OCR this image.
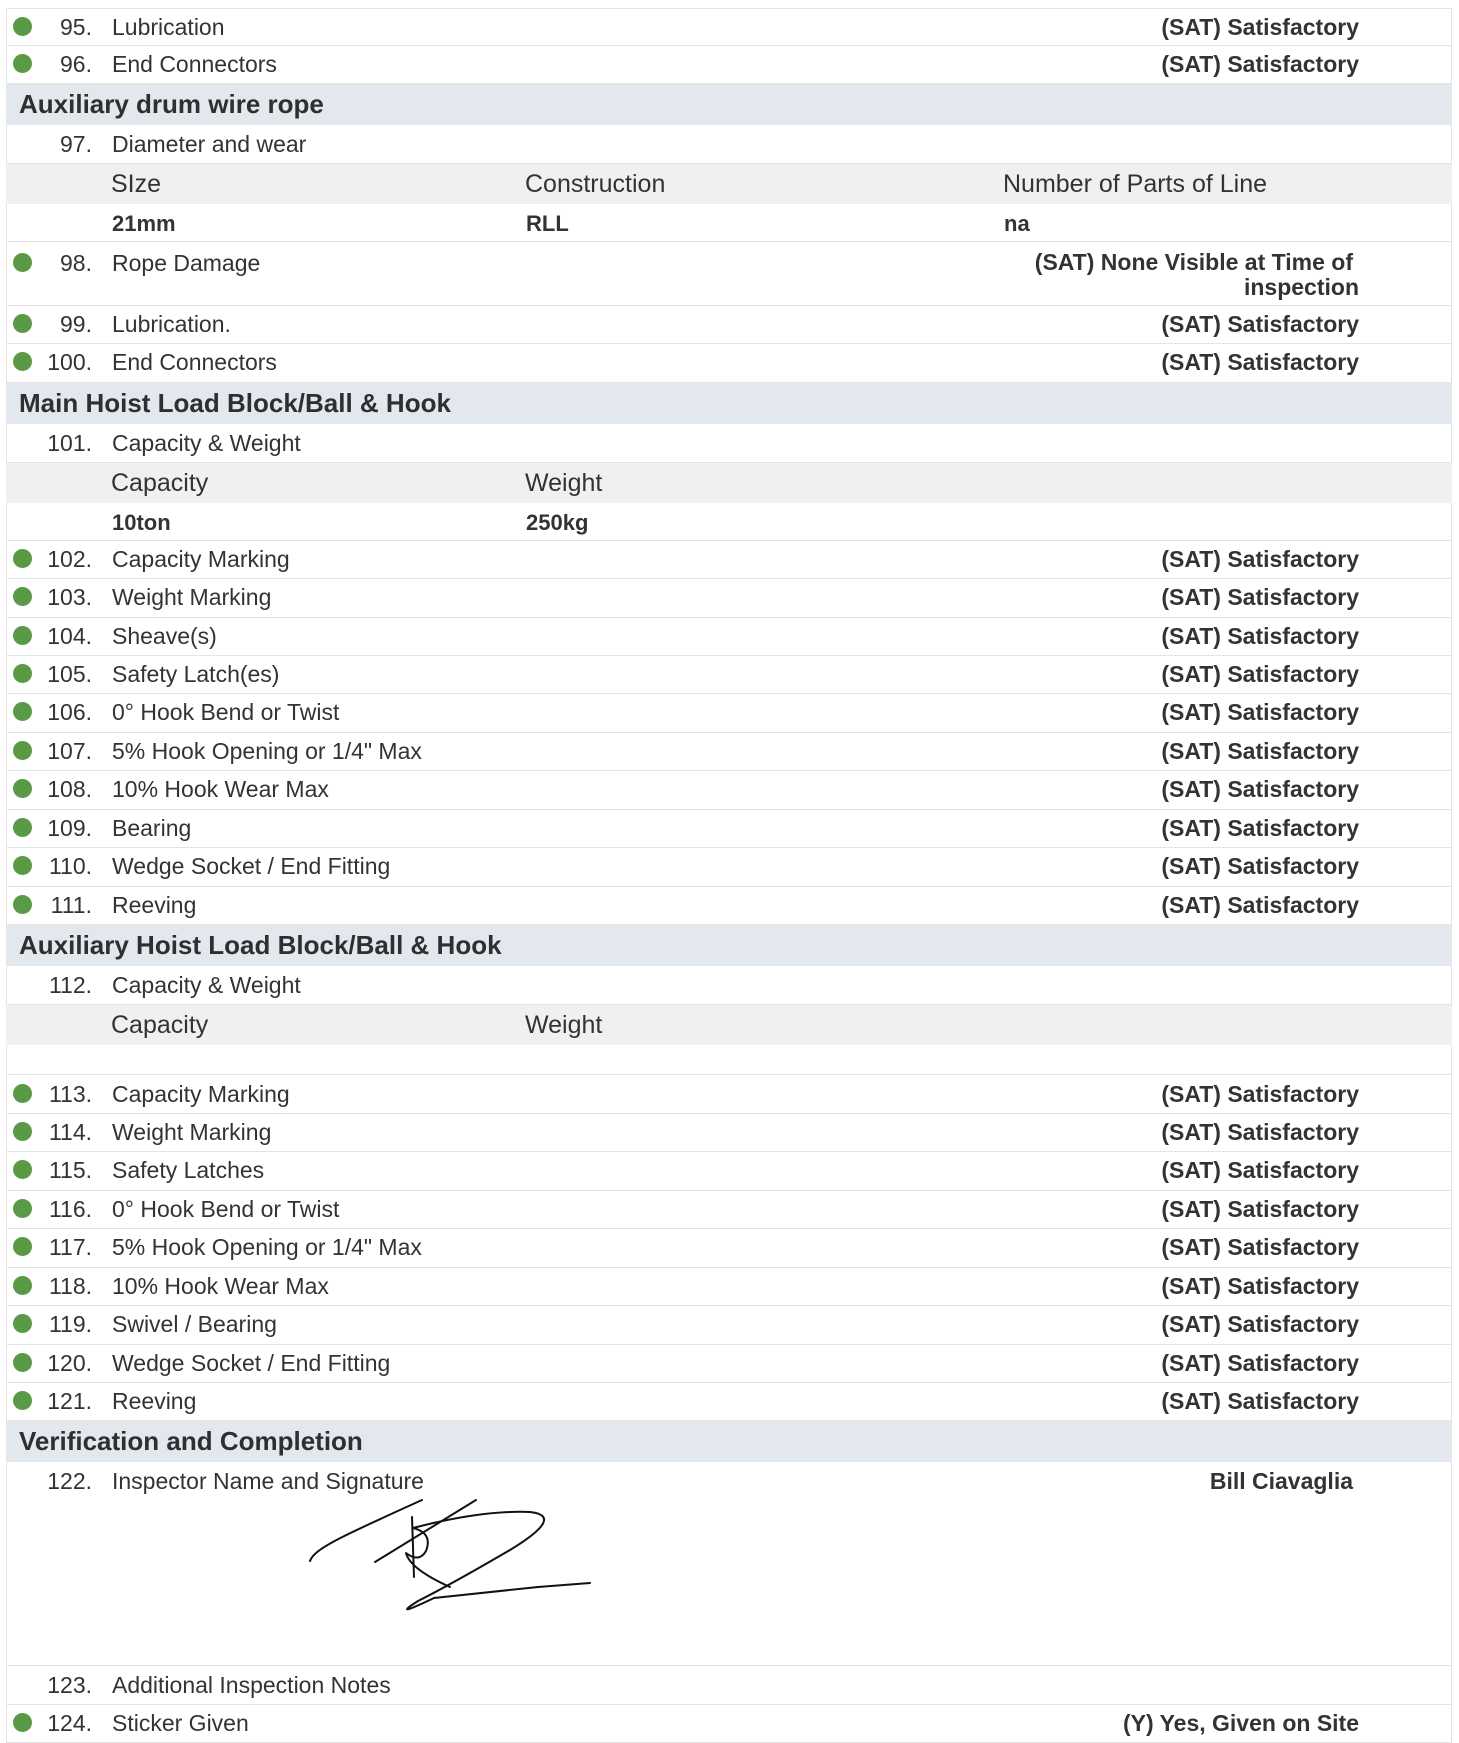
95. Lubrication	(SAT) Satisfactory
96. End Connectors	(SAT) Satisfactory
Auxiliary drum wire rope
97. Diameter and wear
SIze	Construction	Number of Parts of Line
21mm	RLL	na
98. Rope Damage	(SAT) None Visible at Time of
inspection
99. Lubrication.	(SAT) Satisfactory
100. End Connectors	(SAT) Satisfactory
Main Hoist Load Block/Ball & Hook
101. Capacity & Weight
Capacity	Weight
10ton	250kg
102. Capacity Marking	(SAT) Satisfactory
103. Weight Marking	(SAT) Satisfactory
104. Sheave(s)	(SAT) Satisfactory
105. Safety Latch(es)	(SAT) Satisfactory
106. 0° Hook Bend or Twist	(SAT) Satisfactory
107. 5% Hook Opening or 1/4" Max	(SAT) Satisfactory
108. 10% Hook Wear Max	(SAT) Satisfactory
109. Bearing	(SAT) Satisfactory
110. Wedge Socket / End Fitting	(SAT) Satisfactory
111. Reeving	(SAT) Satisfactory
Auxiliary Hoist Load Block/Ball & Hook
112. Capacity & Weight
Capacity	Weight
113. Capacity Marking	(SAT) Satisfactory
114. Weight Marking	(SAT) Satisfactory
115. Safety Latches	(SAT) Satisfactory
116. 0° Hook Bend or Twist	(SAT) Satisfactory
117. 5% Hook Opening or 1/4" Max	(SAT) Satisfactory
118. 10% Hook Wear Max	(SAT) Satisfactory
119. Swivel / Bearing	(SAT) Satisfactory
120. Wedge Socket / End Fitting	(SAT) Satisfactory
121. Reeving	(SAT) Satisfactory
Verification and Completion
122. Inspector Name and Signature	Bill Ciavaglia
123. Additional Inspection Notes
124. Sticker Given	(Y) Yes, Given on Site
